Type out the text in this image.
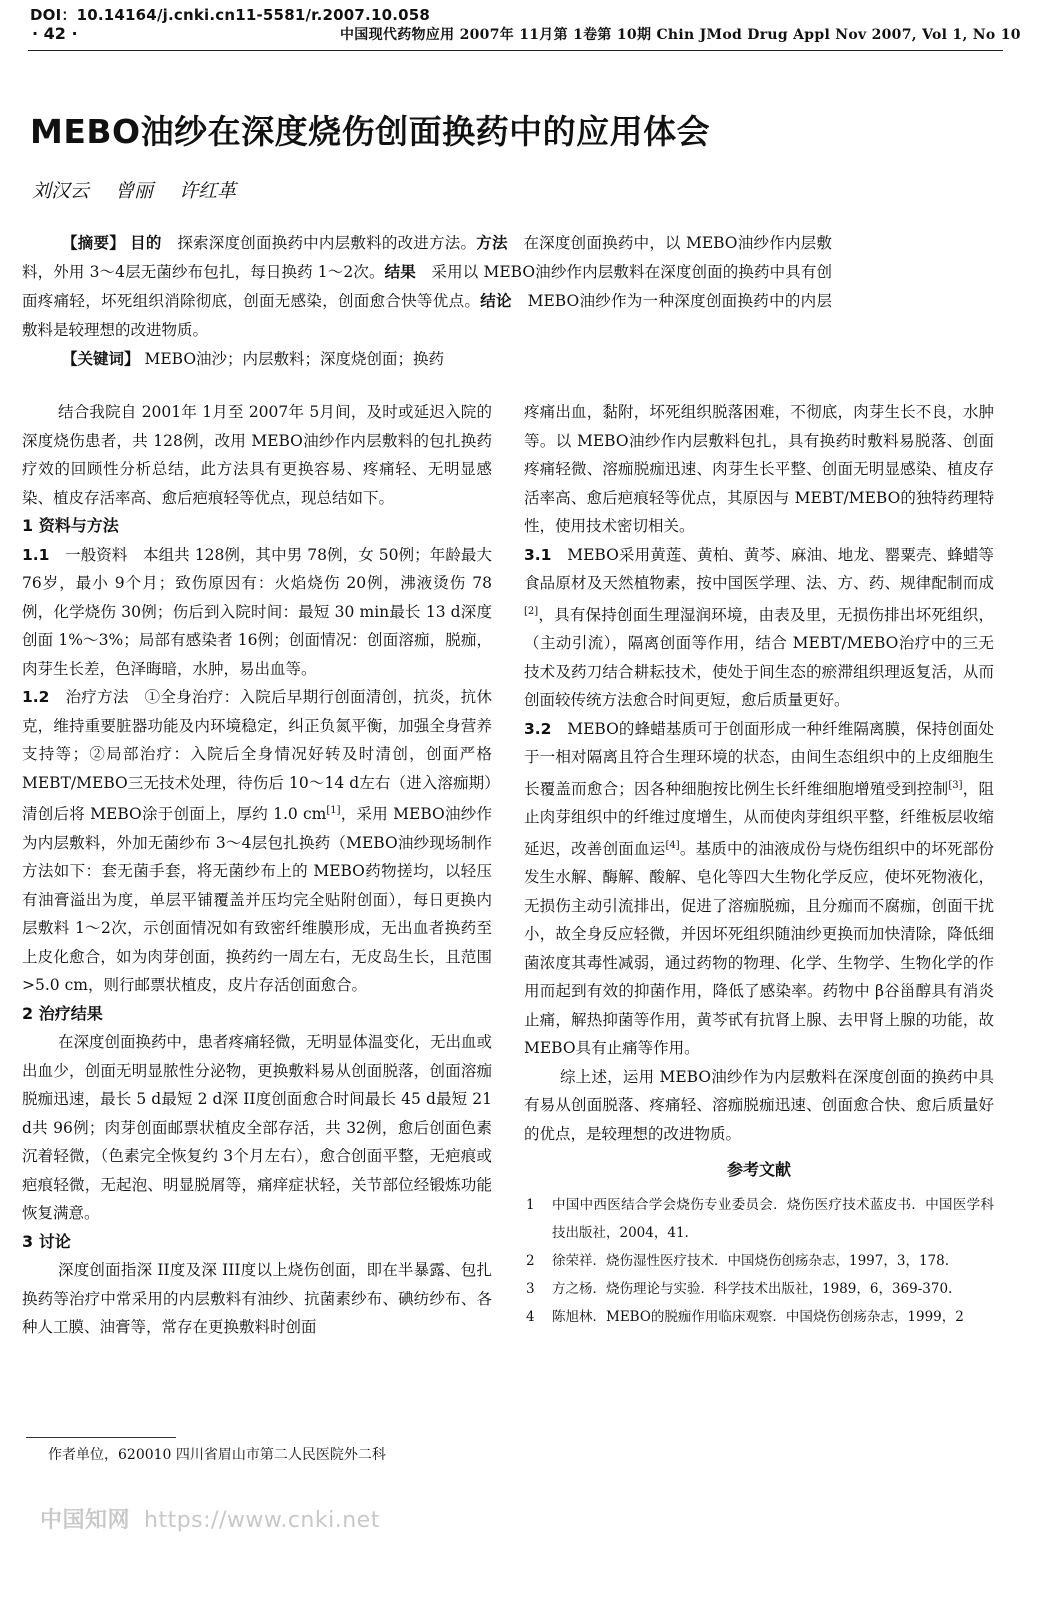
DOI：10.14164/j.cnki.cn11-5581/r.2007.10.058
· 42 ·	中国现代药物应用 2007年 11月第 1卷第 10期 Chin JMod Drug Appl Nov 2007, Vol 1, No 10
MEBO油纱在深度烧伤创面换药中的应用体会
刘汉云 曾丽 许红革

【摘要】 目的　 探索深度创面换药中内层敷料的改进方法。方法　 在深度创面换药中，以 MEBO油纱作内层敷料，外用 3～4层无菌纱布包扎，每日换药 1～2次。结果　 采用以 MEBO油纱作内层敷料在深度创面的换药中具有创面疼痛轻，坏死组织消除彻底，创面无感染，创面愈合快等优点。结论　 MEBO油纱作为一种深度创面换药中的内层敷料是较理想的改进物质。

【关键词】 MEBO油沙；内层敷料；深度烧创面；换药

结合我院自 2001年 1月至 2007年 5月间，及时或延迟入院的深度烧伤患者，共 128例，改用 MEBO油纱作内层敷料的包扎换药疗效的回顾性分析总结，此方法具有更换容易、疼痛轻、无明显感染、植皮存活率高、愈后疤痕轻等优点，现总结如下。

1 资料与方法

1.1　 一般资料　 本组共 128例，其中男 78例，女 50例；年龄最大 76岁，最小 9个月；致伤原因有：火焰烧伤 20例，沸液烫伤 78例，化学烧伤 30例；伤后到入院时间：最短 30 min最长 13 d深度创面 1%～3%；局部有感染者 16例；创面情况：创面溶痂，脱痂，肉芽生长差，色泽晦暗，水肿，易出血等。

1.2　 治疗方法　 ①全身治疗：入院后早期行创面清创，抗炎，抗休克，维持重要脏器功能及内环境稳定，纠正负氮平衡，加强全身营养支持等；②局部治疗：入院后全身情况好转及时清创，创面严格 MEBT/MEBO三无技术处理，待伤后 10～14 d左右（进入溶痂期）清创后将 MEBO涂于创面上，厚约 1.0 cm[1]，采用 MEBO油纱作为内层敷料，外加无菌纱布 3～4层包扎换药（MEBO油纱现场制作方法如下：套无菌手套，将无菌纱布上的 MEBO药物搓均，以轻压有油膏溢出为度，单层平铺覆盖并压均完全贴附创面），每日更换内层敷料 1～2次，示创面情况如有致密纤维膜形成，无出血者换药至上皮化愈合，如为肉芽创面，换药约一周左右，无皮岛生长，且范围 >5.0 cm，则行邮票状植皮，皮片存活创面愈合。

2 治疗结果

在深度创面换药中，患者疼痛轻微，无明显体温变化，无出血或出血少，创面无明显脓性分泌物，更换敷料易从创面脱落，创面溶痂脱痂迅速，最长 5 d最短 2 d深 II度创面愈合时间最长 45 d最短 21 d共 96例；肉芽创面邮票状植皮全部存活，共 32例，愈后创面色素沉着轻微，（色素完全恢复约 3个月左右），愈合创面平整，无疤痕或疤痕轻微，无起泡、明显脱屑等，痛痒症状轻，关节部位经锻炼功能恢复满意。

3 讨论

深度创面指深 II度及深 III度以上烧伤创面，即在半暴露、包扎换药等治疗中常采用的内层敷料有油纱、抗菌素纱布、碘纺纱布、各种人工膜、油膏等，常存在更换敷料时创面

疼痛出血，黏附，坏死组织脱落困难，不彻底，肉芽生长不良，水肿等。以 MEBO油纱作内层敷料包扎，具有换药时敷料易脱落、创面疼痛轻微、溶痂脱痂迅速、肉芽生长平整、创面无明显感染、植皮存活率高、愈后疤痕轻等优点，其原因与 MEBT/MEBO的独特药理特性，使用技术密切相关。

3.1　 MEBO采用黄莲、黄柏、黄芩、麻油、地龙、罂粟壳、蜂蜡等食品原材及天然植物素，按中国医学理、法、方、药、规律配制而成[2]，具有保持创面生理湿润环境，由表及里，无损伤排出坏死组织，（主动引流），隔离创面等作用，结合 MEBT/MEBO治疗中的三无技术及药刀结合耕耘技术，使处于间生态的瘀滞组织理返复活，从而创面较传统方法愈合时间更短，愈后质量更好。

3.2　 MEBO的蜂蜡基质可于创面形成一种纤维隔离膜，保持创面处于一相对隔离且符合生理环境的状态，由间生态组织中的上皮细胞生长覆盖而愈合；因各种细胞按比例生长纤维细胞增殖受到控制[3]，阻止肉芽组织中的纤维过度增生，从而使肉芽组织平整，纤维板层收缩延迟，改善创面血运[4]。基质中的油液成份与烧伤组织中的坏死部份发生水解、酶解、酸解、皂化等四大生物化学反应，使坏死物液化，无损伤主动引流排出，促进了溶痂脱痂，且分痂而不腐痂，创面干扰小，故全身反应轻微，并因坏死组织随油纱更换而加快清除，降低细菌浓度其毒性减弱，通过药物的物理、化学、生物学、生物化学的作用而起到有效的抑菌作用，降低了感染率。药物中 β谷甾醇具有消炎止痛，解热抑菌等作用，黄芩甙有抗肾上腺、去甲肾上腺的功能，故 MEBO具有止痛等作用。

综上述，运用 MEBO油纱作为内层敷料在深度创面的换药中具有易从创面脱落、疼痛轻、溶痂脱痂迅速、创面愈合快、愈后质量好的优点，是较理想的改进物质。

参考文献
1	中国中西医结合学会烧伤专业委员会．烧伤医疗技术蓝皮书．中国医学科技出版社，2004，41.
2	徐荣祥．烧伤湿性医疗技术．中国烧伤创疡杂志，1997，3，178.
3	方之杨．烧伤理论与实验．科学技术出版社，1989，6，369-370.
4	陈旭林．MEBO的脱痂作用临床观察．中国烧伤创疡杂志，1999，2
作者单位，620010 四川省眉山市第二人民医院外二科
中国知网 https://www.cnki.net
